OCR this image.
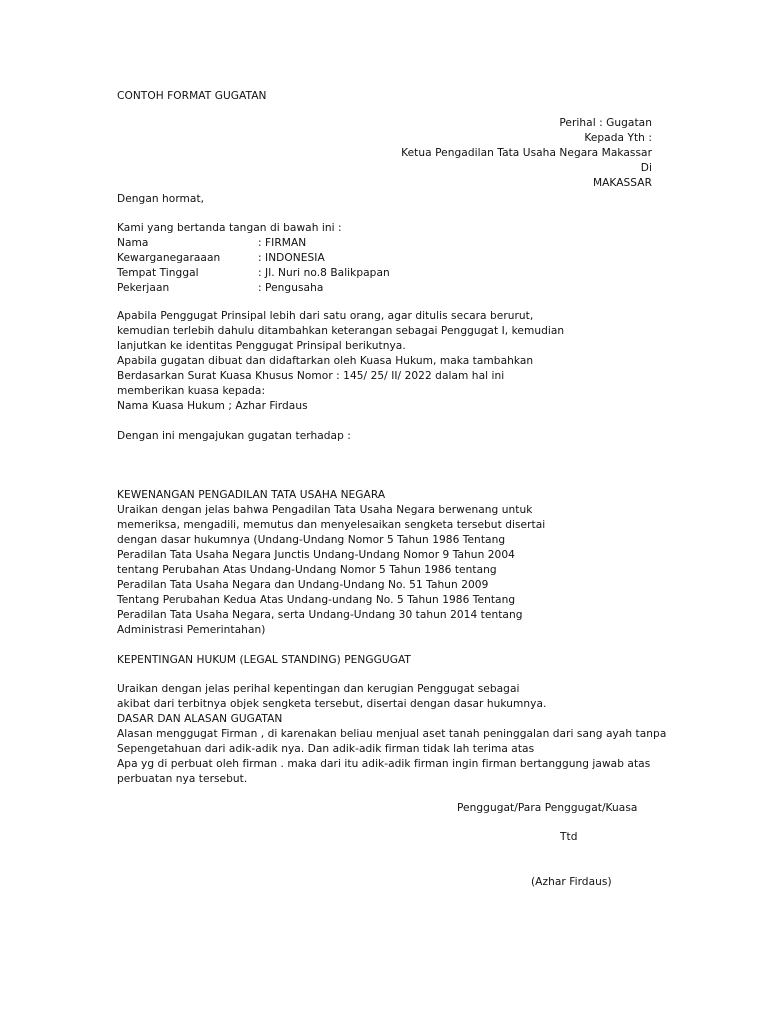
CONTOH FORMAT GUGATAN
Perihal : Gugatan
Kepada Yth :
Ketua Pengadilan Tata Usaha Negara Makassar
Di
MAKASSAR
Dengan hormat,
Kami yang bertanda tangan di bawah ini :
Nama	: FIRMAN
Kewarganegaraaan	: INDONESIA
Tempat Tinggal	: Jl. Nuri no.8 Balikpapan
Pekerjaan	: Pengusaha
Apabila Penggugat Prinsipal lebih dari satu orang, agar ditulis secara berurut,
kemudian terlebih dahulu ditambahkan keterangan sebagai Penggugat I, kemudian
lanjutkan ke identitas Penggugat Prinsipal berikutnya.
Apabila gugatan dibuat dan didaftarkan oleh Kuasa Hukum, maka tambahkan
Berdasarkan Surat Kuasa Khusus Nomor : 145/ 25/ II/ 2022 dalam hal ini
memberikan kuasa kepada:
Nama Kuasa Hukum ; Azhar Firdaus
Dengan ini mengajukan gugatan terhadap :
KEWENANGAN PENGADILAN TATA USAHA NEGARA
Uraikan dengan jelas bahwa Pengadilan Tata Usaha Negara berwenang untuk
memeriksa, mengadili, memutus dan menyelesaikan sengketa tersebut disertai
dengan dasar hukumnya (Undang-Undang Nomor 5 Tahun 1986 Tentang
Peradilan Tata Usaha Negara Junctis Undang-Undang Nomor 9 Tahun 2004
tentang Perubahan Atas Undang-Undang Nomor 5 Tahun 1986 tentang
Peradilan Tata Usaha Negara dan Undang-Undang No. 51 Tahun 2009
Tentang Perubahan Kedua Atas Undang-undang No. 5 Tahun 1986 Tentang
Peradilan Tata Usaha Negara, serta Undang-Undang 30 tahun 2014 tentang
Administrasi Pemerintahan)
KEPENTINGAN HUKUM (LEGAL STANDING) PENGGUGAT
Uraikan dengan jelas perihal kepentingan dan kerugian Penggugat sebagai
akibat dari terbitnya objek sengketa tersebut, disertai dengan dasar hukumnya.
DASAR DAN ALASAN GUGATAN
Alasan menggugat Firman , di karenakan beliau menjual aset tanah peninggalan dari sang ayah tanpa
Sepengetahuan dari adik-adik nya. Dan adik-adik firman tidak lah terima atas
Apa yg di perbuat oleh firman . maka dari itu adik-adik firman ingin firman bertanggung jawab atas
perbuatan nya tersebut.
Penggugat/Para Penggugat/Kuasa
Ttd
(Azhar Firdaus)
